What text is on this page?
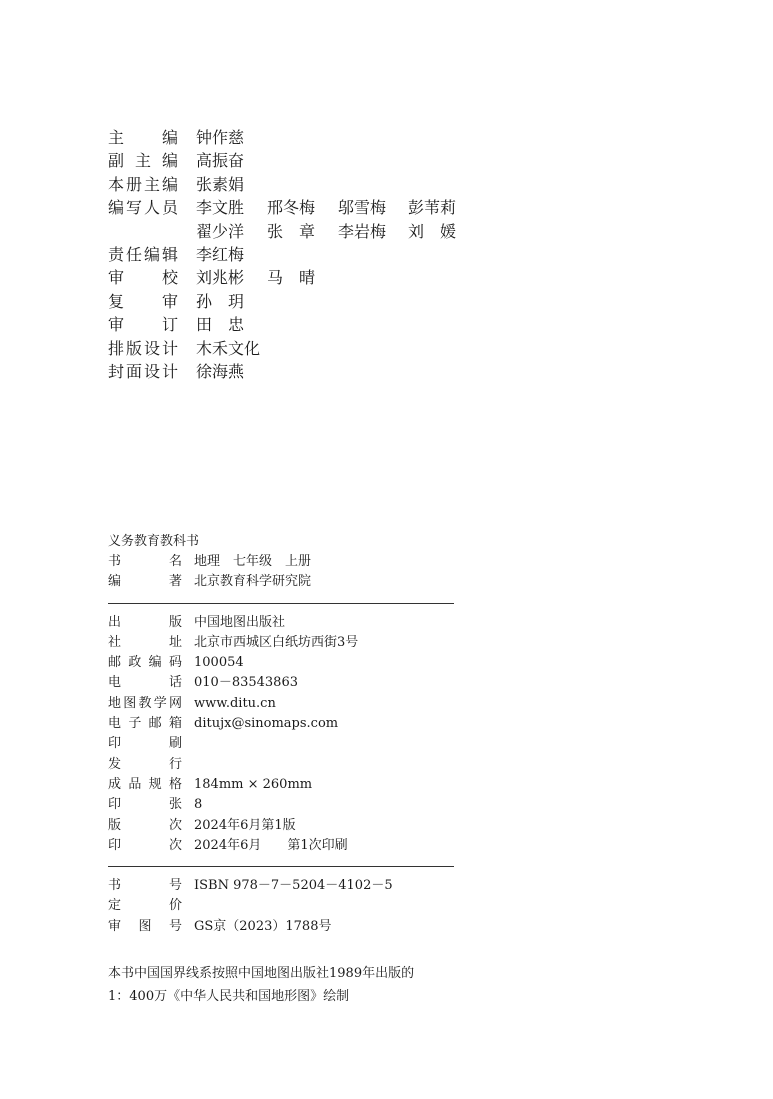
主 编 钟作慈
副 主 编 高振奋
本 册 主 编 张素娟
编 写 人 员 李文胜 邢冬梅 邬雪梅 彭苇莉
翟少洋 张　章 李岩梅 刘　媛
责 任 编 辑 李红梅
审 校 刘兆彬 马　晴
复 审 孙　玥
审 订 田　忠
排 版 设 计 木禾文化
封 面 设 计 徐海燕
义务教育教科书
书	名 地理　七年级　上册
编	著 北京教育科学研究院
出	版 中国地图出版社
社	址 北京市西城区白纸坊西街3号
邮 政 编 码 100054
电	话 010－83543863
地 图 教 学 网 www.ditu.cn
电 子 邮 箱 ditujx@sinomaps.com
印	刷
发	行
成 品 规 格 184mm × 260mm
印	张 8
版	次 2024年6月第1版
印	次 2024年6月　　第1次印刷
书	号 ISBN 978－7－5204－4102－5
定	价
审 图 号 GS京（2023）1788号
本书中国国界线系按照中国地图出版社1989年出版的
1：400万《中华人民共和国地形图》绘制
